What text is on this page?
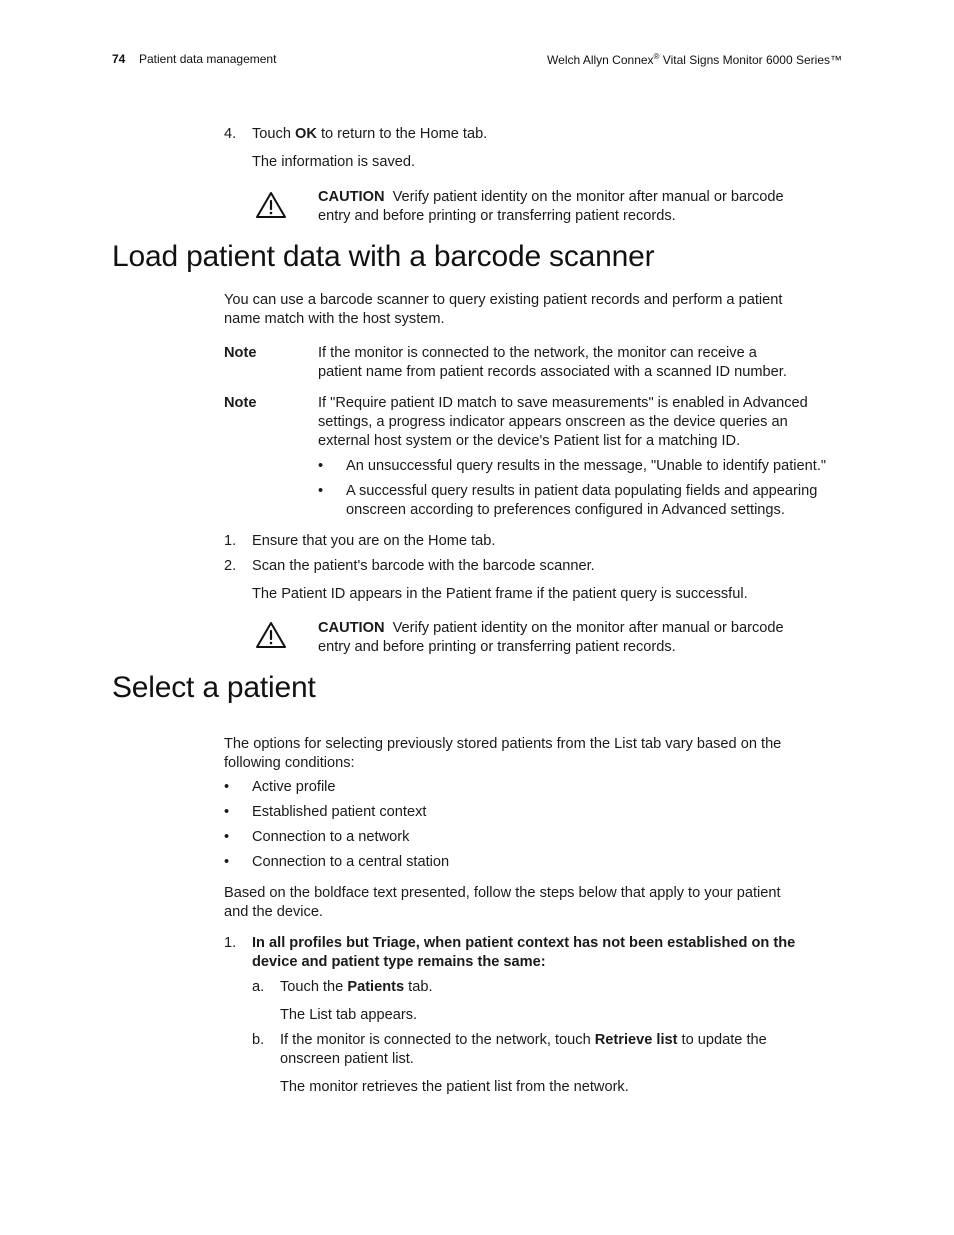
74 Patient data management	Welch Allyn Connex® Vital Signs Monitor 6000 Series™
4. Touch OK to return to the Home tab.
The information is saved.
CAUTION Verify patient identity on the monitor after manual or barcode
entry and before printing or transferring patient records.
Load patient data with a barcode scanner
You can use a barcode scanner to query existing patient records and perform a patient
name match with the host system.
Note	If the monitor is connected to the network, the monitor can receive a
patient name from patient records associated with a scanned ID number.
Note	If "Require patient ID match to save measurements" is enabled in Advanced
settings, a progress indicator appears onscreen as the device queries an
external host system or the device's Patient list for a matching ID.
• An unsuccessful query results in the message, "Unable to identify patient."
• A successful query results in patient data populating fields and appearing
onscreen according to preferences configured in Advanced settings.
1. Ensure that you are on the Home tab.
2. Scan the patient's barcode with the barcode scanner.
The Patient ID appears in the Patient frame if the patient query is successful.
CAUTION Verify patient identity on the monitor after manual or barcode
entry and before printing or transferring patient records.
Select a patient
The options for selecting previously stored patients from the List tab vary based on the
following conditions:
• Active profile
• Established patient context
• Connection to a network
• Connection to a central station
Based on the boldface text presented, follow the steps below that apply to your patient
and the device.
1. In all profiles but Triage, when patient context has not been established on the
device and patient type remains the same:
a. Touch the Patients tab.
The List tab appears.
b. If the monitor is connected to the network, touch Retrieve list to update the
onscreen patient list.
The monitor retrieves the patient list from the network.
